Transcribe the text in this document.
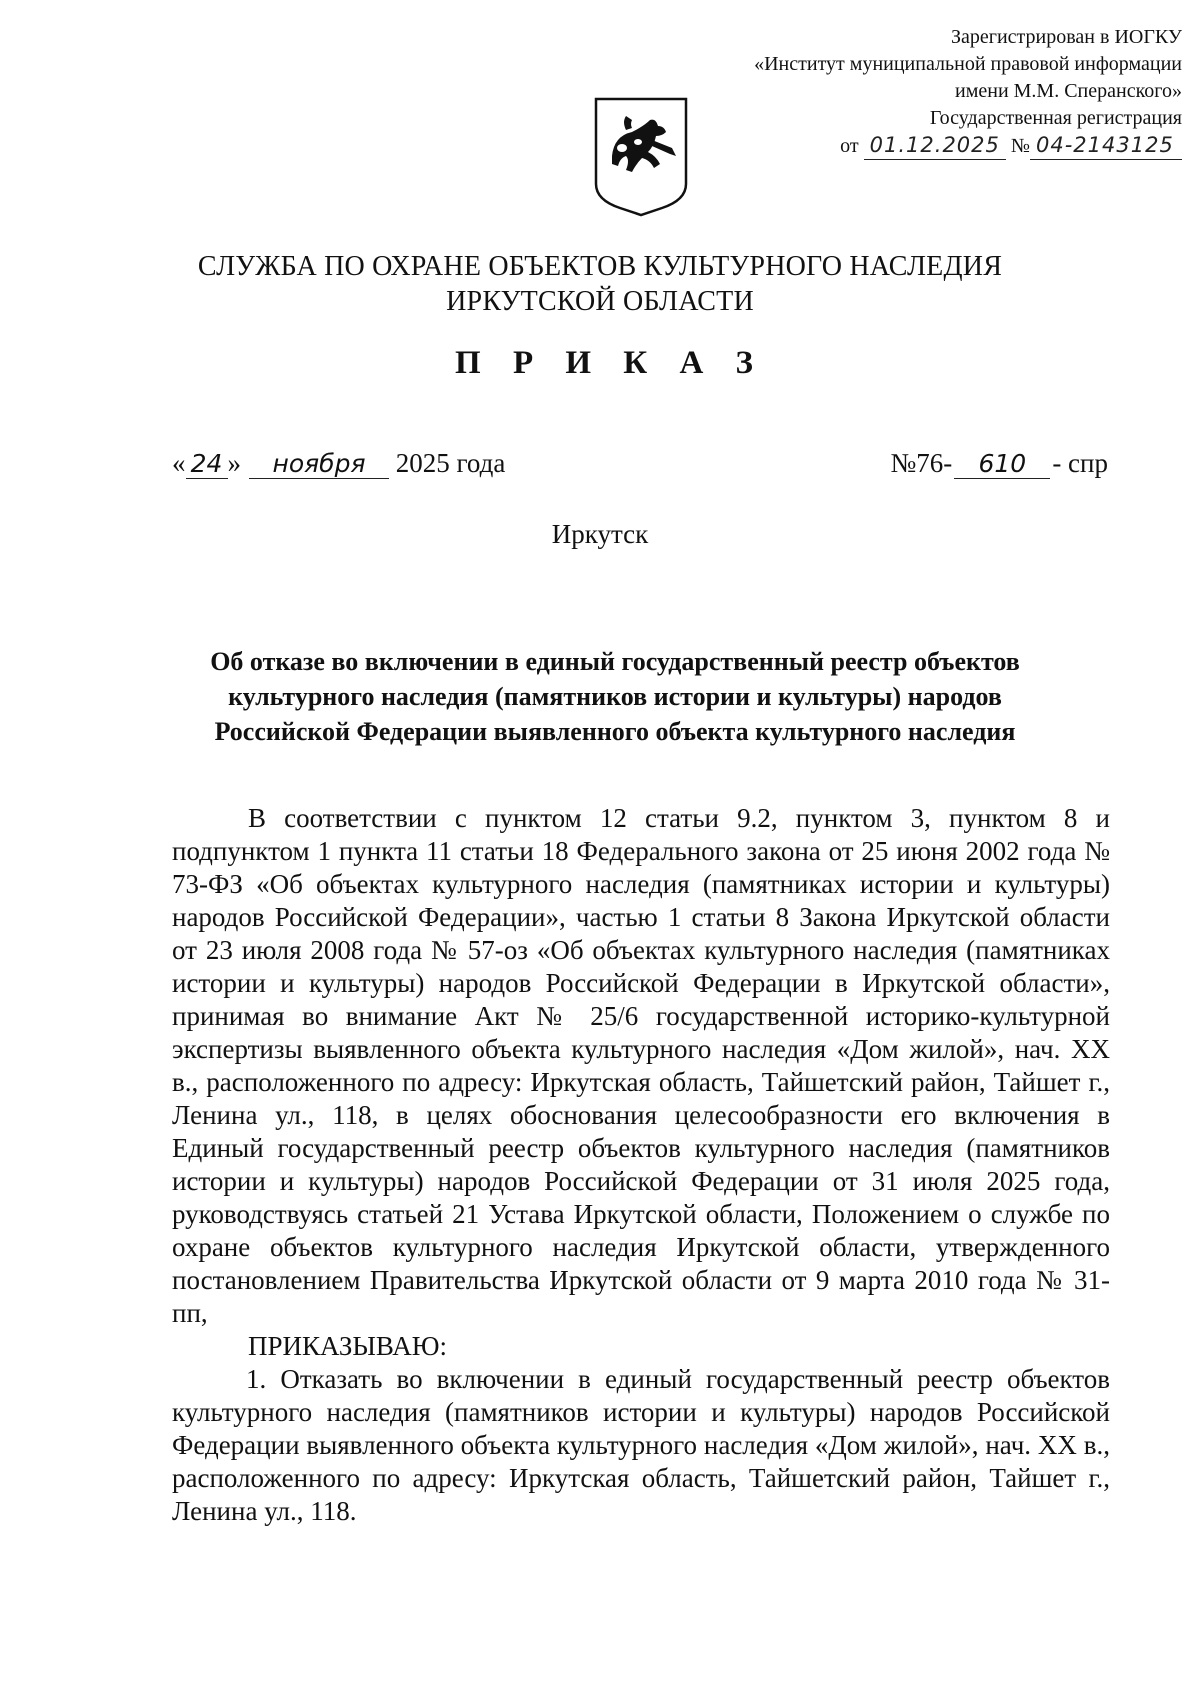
Зарегистрирован в ИОГКУ
«Институт муниципальной правовой информации
имени М.М. Сперанского»
Государственная регистрация
от 01.12.2025 № 04-2143125
СЛУЖБА ПО ОХРАНЕ ОБЪЕКТОВ КУЛЬТУРНОГО НАСЛЕДИЯ
ИРКУТСКОЙ ОБЛАСТИ
П Р И К А З
« 24 » ноября 2025 года	№76- 610 - спр
Иркутск
Об отказе во включении в единый государственный реестр объектов
культурного наследия (памятников истории и культуры) народов
Российской Федерации выявленного объекта культурного наследия

В соответствии с пунктом 12 статьи 9.2, пунктом 3, пунктом 8 и подпунктом 1 пункта 11 статьи 18 Федерального закона от 25 июня 2002 года № 73-ФЗ «Об объектах культурного наследия (памятниках истории и культуры) народов Российской Федерации», частью 1 статьи 8 Закона Иркутской области от 23 июля 2008 года № 57-оз «Об объектах культурного наследия (памятниках истории и культуры) народов Российской Федерации в Иркутской области», принимая во внимание Акт № 25/6 государственной историко-культурной экспертизы выявленного объекта культурного наследия «Дом жилой», нач. XX в., расположенного по адресу: Иркутская область, Тайшетский район, Тайшет г., Ленина ул., 118, в целях обоснования целесообразности его включения в Единый государственный реестр объектов культурного наследия (памятников истории и культуры) народов Российской Федерации от 31 июля 2025 года, руководствуясь статьей 21 Устава Иркутской области, Положением о службе по охране объектов культурного наследия Иркутской области, утвержденного постановлением Правительства Иркутской области от 9 марта 2010 года № 31-пп,

ПРИКАЗЫВАЮ:

1. Отказать во включении в единый государственный реестр объектов культурного наследия (памятников истории и культуры) народов Российской Федерации выявленного объекта культурного наследия «Дом жилой», нач. XX в., расположенного по адресу: Иркутская область, Тайшетский район, Тайшет г., Ленина ул., 118.
